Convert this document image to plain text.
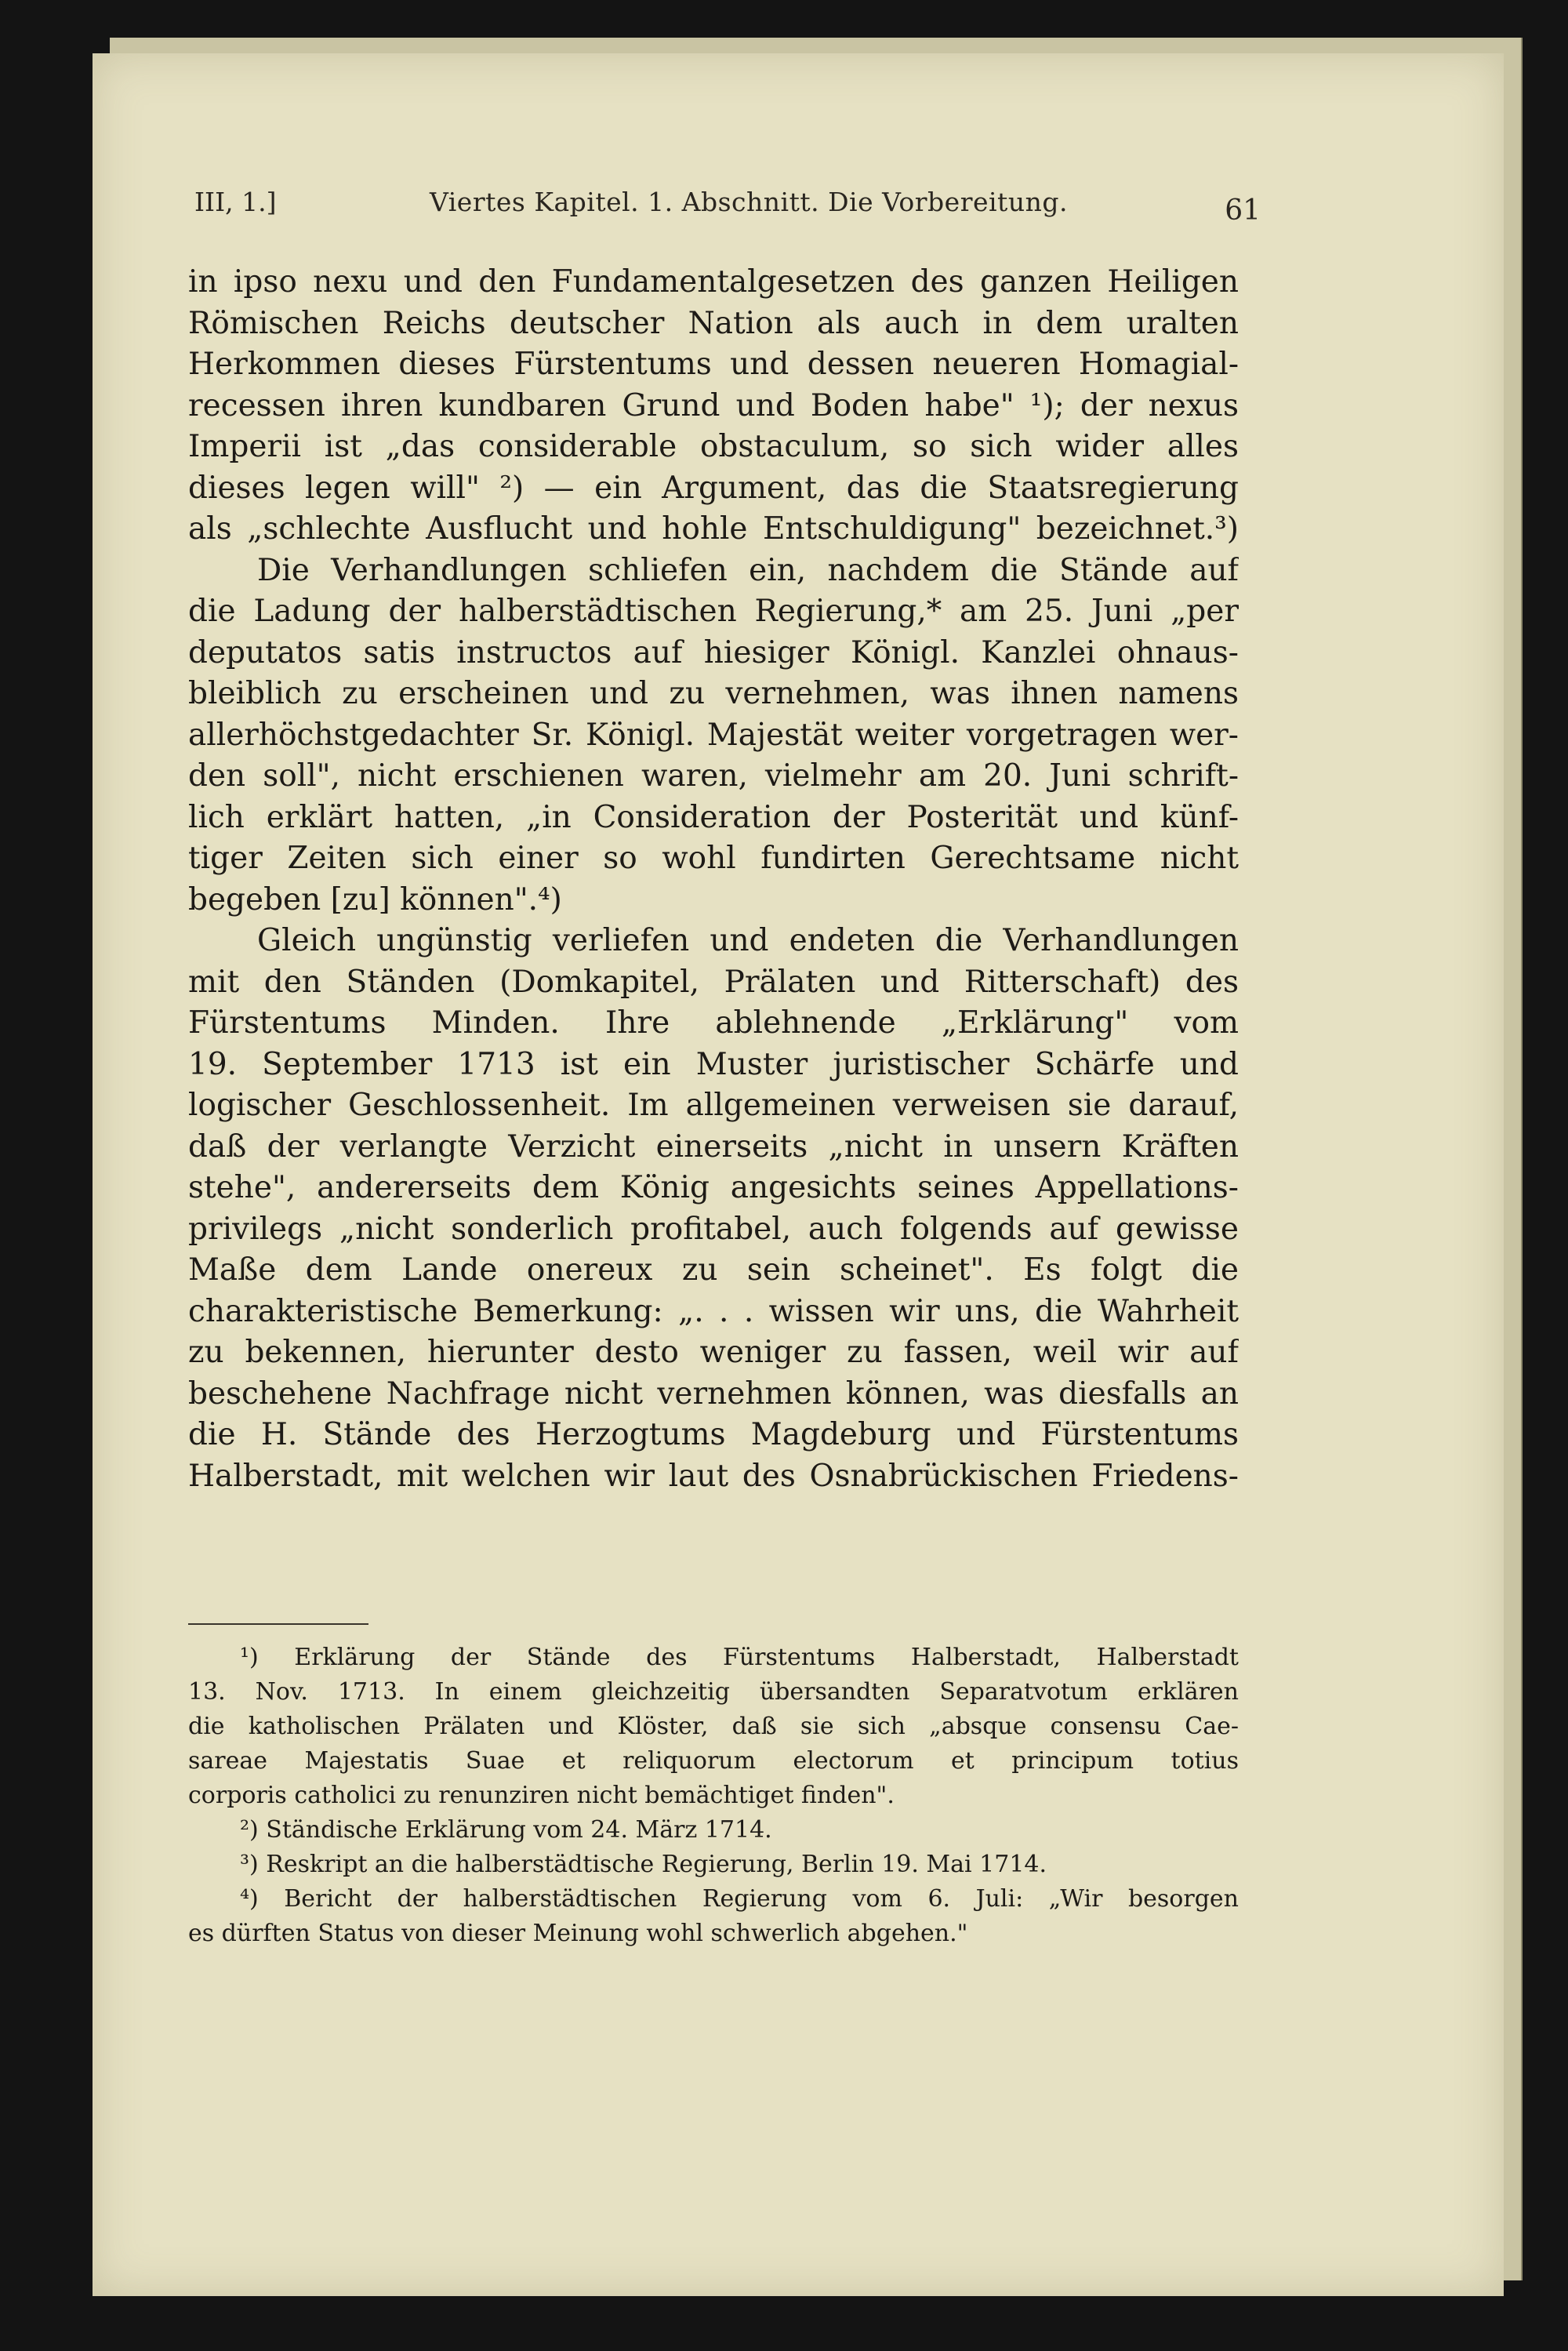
III, 1.]	Viertes Kapitel. 1. Abschnitt. Die Vorbereitung.	61
in ipso nexu und den Fundamentalgesetzen des ganzen Heiligen
Römischen Reichs deutscher Nation als auch in dem uralten
Herkommen dieses Fürstentums und dessen neueren Homagial-
recessen ihren kundbaren Grund und Boden habe" ¹); der nexus
Imperii ist „das considerable obstaculum, so sich wider alles
dieses legen will" ²) — ein Argument, das die Staatsregierung
als „schlechte Ausflucht und hohle Entschuldigung" bezeichnet.³)
Die Verhandlungen schliefen ein, nachdem die Stände auf
die Ladung der halberstädtischen Regierung,* am 25. Juni „per
deputatos satis instructos auf hiesiger Königl. Kanzlei ohnaus-
bleiblich zu erscheinen und zu vernehmen, was ihnen namens
allerhöchstgedachter Sr. Königl. Majestät weiter vorgetragen wer-
den soll", nicht erschienen waren, vielmehr am 20. Juni schrift-
lich erklärt hatten, „in Consideration der Posterität und künf-
tiger Zeiten sich einer so wohl fundirten Gerechtsame nicht
begeben [zu] können".⁴)
Gleich ungünstig verliefen und endeten die Verhandlungen
mit den Ständen (Domkapitel, Prälaten und Ritterschaft) des
Fürstentums Minden. Ihre ablehnende „Erklärung" vom
19. September 1713 ist ein Muster juristischer Schärfe und
logischer Geschlossenheit. Im allgemeinen verweisen sie darauf,
daß der verlangte Verzicht einerseits „nicht in unsern Kräften
stehe", andererseits dem König angesichts seines Appellations-
privilegs „nicht sonderlich profitabel, auch folgends auf gewisse
Maße dem Lande onereux zu sein scheinet". Es folgt die
charakteristische Bemerkung: „. . . wissen wir uns, die Wahrheit
zu bekennen, hierunter desto weniger zu fassen, weil wir auf
beschehene Nachfrage nicht vernehmen können, was diesfalls an
die H. Stände des Herzogtums Magdeburg und Fürstentums
Halberstadt, mit welchen wir laut des Osnabrückischen Friedens-
¹) Erklärung der Stände des Fürstentums Halberstadt, Halberstadt
13. Nov. 1713. In einem gleichzeitig übersandten Separatvotum erklären
die katholischen Prälaten und Klöster, daß sie sich „absque consensu Cae-
sareae Majestatis Suae et reliquorum electorum et principum totius
corporis catholici zu renunziren nicht bemächtiget finden".
²) Ständische Erklärung vom 24. März 1714.
³) Reskript an die halberstädtische Regierung, Berlin 19. Mai 1714.
⁴) Bericht der halberstädtischen Regierung vom 6. Juli: „Wir besorgen
es dürften Status von dieser Meinung wohl schwerlich abgehen."
